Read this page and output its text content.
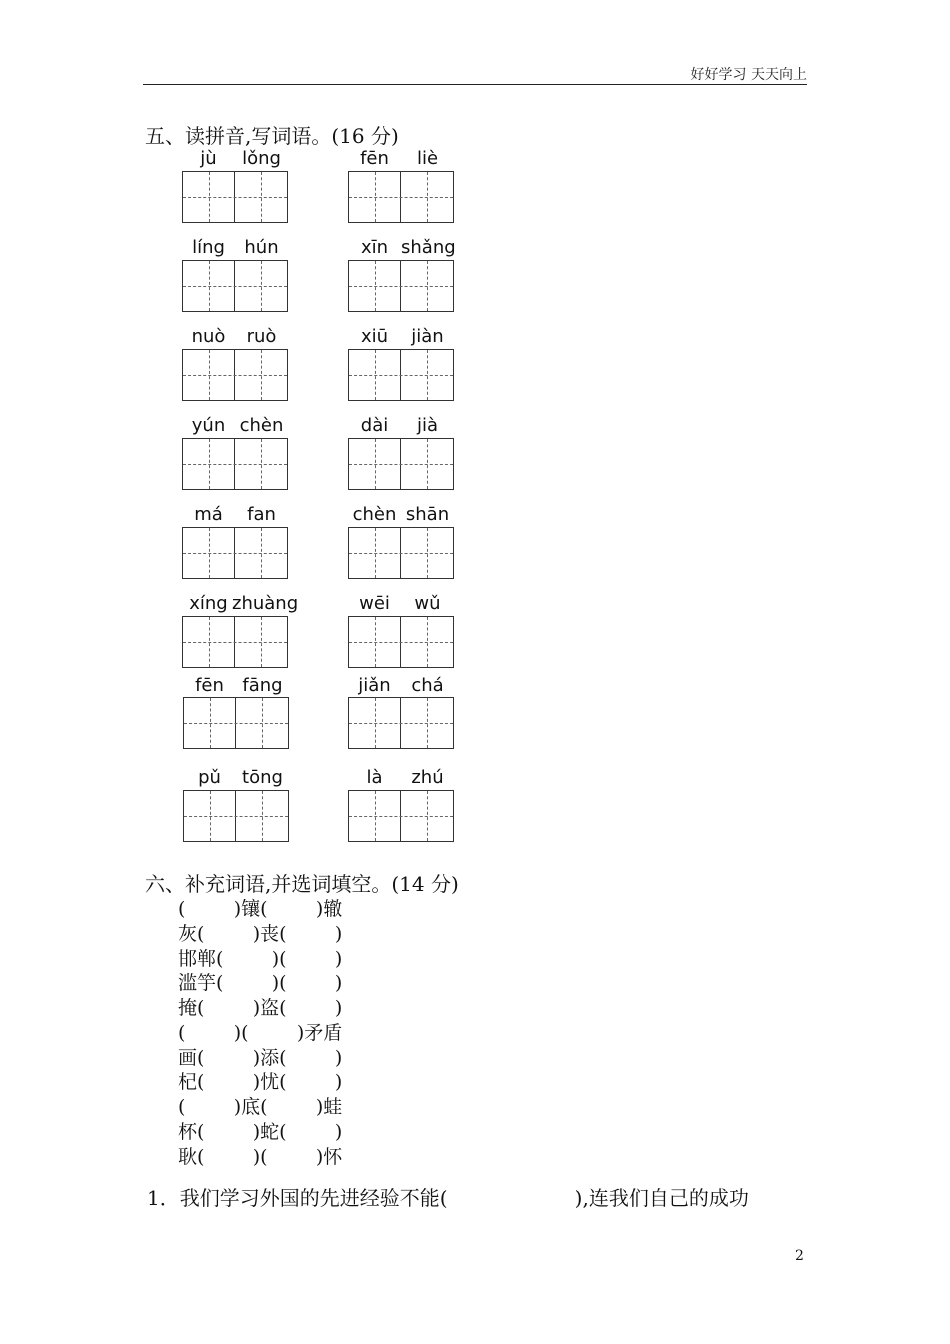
好好学习 天天向上
五、读拼音,写词语。(16 分)
jù	lǒng	fēn	liè
líng	hún	xīn shǎng
nuò	ruò	xiū	jiàn
yún chèn	dài	jià
má	fan	chèn shān
xíng zhuàng	wēi	wǔ
fēn	fāng	jiǎn	chá
pǔ	tōng	là	zhú
六、补充词语,并选词填空。(14 分)
(        )镶(        )辙
灰(        )丧(        )
邯郸(        )(        )
滥竽(        )(        )
掩(        )盗(        )
(        )(        )矛盾
画(        )添(        )
杞(        )忧(        )
(        )底(        )蛙
杯(        )蛇(        )
耿(        )(        )怀
1．我们学习外国的先进经验不能(                    ),连我们自己的成功
2
